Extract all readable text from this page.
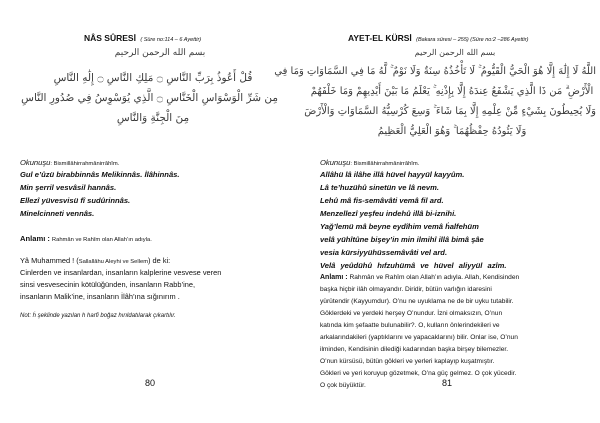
NÂS SÛRESİ ( Süre no:114 – 6 Ayettir)
بسم الله الرحمن الرحيم
قُلْ أَعُوذُ بِرَبِّ النَّاسِ ۝ مَلِكِ النَّاسِ ۝ إِلَٰهِ النَّاسِ
مِن شَرِّ الْوَسْوَاسِ الْخَنَّاسِ ۝ الَّذِي يُوَسْوِسُ فِي صُدُورِ النَّاسِ
مِنَ الْجِنَّةِ وَالنَّاسِ
Okunuşu: Bismillâhirrahmânirrâhîm.
Gul e’ûzü birabbinnâs Melikinnâs. İlâhinnâs.
Min şerril vesvâsil hannâs.
Ellezî yüvesvisü fî sudûrinnâs.
Minelcinneti vennâs.
Anlamı : Rahmân ve Rahîm olan Allah’ın adıyla.
Yâ Muhammed ! (Sallallâhu Aleyhi ve Sellem) de ki:
Cinlerden ve insanlardan, insanların kalplerine vesvese veren
sinsi vesvesecinin kötülüğünden, insanların Rabb’ine,
insanların Malik’ine, insanların İlâh’ına sığınırım .
Not: ḣ şeklinde yazılan h harfi boğaz hırıldatılarak çıkartılır.
80
AYET-EL KÜRSİ (Bakara süresi – 255) (Süre no:2 –286 Ayettir)
بسم الله الرحمن الرحيم
اللَّهُ لَا إِلَٰهَ إِلَّا هُوَ الْحَيُّ الْقَيُّومُ ۚ لَا تَأْخُذُهُ سِنَةٌ وَلَا نَوْمٌ ۚ لَّهُ مَا فِي السَّمَاوَاتِ وَمَا فِي
الْأَرْضِ ۗ مَن ذَا الَّذِي يَشْفَعُ عِندَهُ إِلَّا بِإِذْنِهِ ۚ يَعْلَمُ مَا بَيْنَ أَيْدِيهِمْ وَمَا خَلْفَهُمْ
وَلَا يُحِيطُونَ بِشَيْءٍ مِّنْ عِلْمِهِ إِلَّا بِمَا شَاءَ ۚ وَسِعَ كُرْسِيُّهُ السَّمَاوَاتِ وَالْأَرْضَ
وَلَا يَئُودُهُ حِفْظُهُمَا ۚ وَهُوَ الْعَلِيُّ الْعَظِيمُ
Okunuşu: Bismillâhirrahmânirrâhîm.
Allâhü lâ ilâhe illâ hüvel hayyül kayyûm.
Lâ te’huzühû sinetün ve lâ nevm.
Lehû mâ fis-semâvâti vemâ fil ard.
Menzellezî yeşfeu indehû illâ bi-iznihi.
Yağ’lemü mâ beyne eydîhim vemâ ḣalfehüm
velâ yühîtûne bişey’in min ilmihî illâ bimâ şâe
vesia kürsiyyühüssemâvâti vel ard.
Velâ yeûdühû hıfzuhümâ ve hüvel aliyyül azîm.
Anlamı : Rahmân ve Rahîm olan Allah’ın adıyla. Allah, Kendisinden
başka hiçbir ilâh olmayandır. Diridir, bütün varlığın idaresini
yürütendir (Kayyumdur). O’nu ne uyuklama ne de bir uyku tutabilir.
Göklerdeki ve yerdeki herşey O’nundur. İzni olmaksızın, O’nun
katında kim şefaatte bulunabilir?. O, kulların önlerindekileri ve
arkalarındakileri (yaptıklarını ve yapacaklarını) bilir. Onlar ise, O’nun
ilminden, Kendisinin dilediği kadarından başka birşey bilemezler.
O’nun kürsüsü, bütün gökleri ve yerleri kaplayıp kuşatmıştır.
Gökleri ve yeri koruyup gözetmek, O’na güç gelmez. O çok yücedir.
O çok büyüktür.	81
